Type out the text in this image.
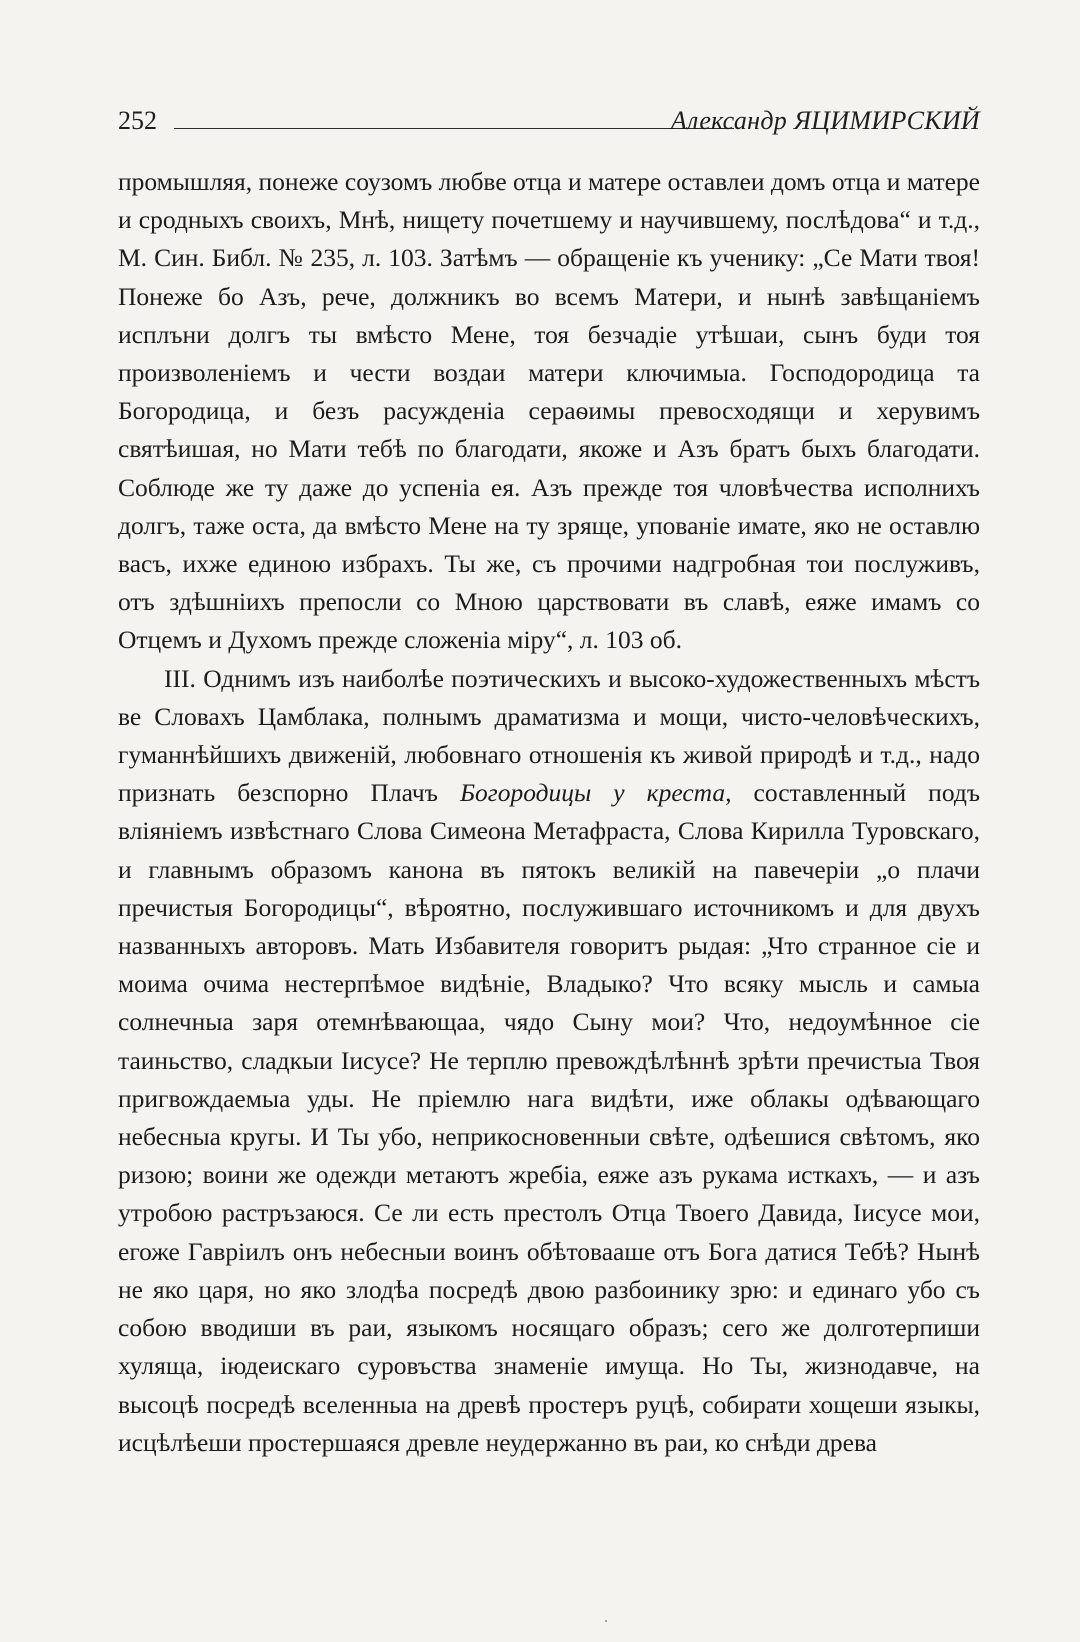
252	Александр ЯЦИМИРСКИЙ

промышляя, понеже соузомъ любве отца и матере оставлеи домъ отца и матере и сродныхъ своихъ, Мнѣ, нищету почетшему и научившему, послѣдова“ и т.д., М. Син. Библ. № 235, л. 103. Затѣмъ — обращеніе къ ученику: „Се Мати твоя! Понеже бо Азъ, рече, должникъ во всемъ Матери, и нынѣ завѣщаніемъ исплъни долгъ ты вмѣсто Мене, тоя безчадіе утѣшаи, сынъ буди тоя произволеніемъ и чести воздаи матери ключимыа. Господородица та Богородица, и безъ расужденіа сераѳимы превосходящи и херувимъ святѣишая, но Мати тебѣ по благодати, якоже и Азъ братъ быхъ благодати. Соблюде же ту даже до успеніа ея. Азъ прежде тоя чловѣчества исполнихъ долгъ, таже оста, да вмѣсто Мене на ту зряще, упованіе имате, яко не оставлю васъ, ихже единою избрахъ. Ты же, съ прочими надгробная тои послуживъ, отъ здѣшніихъ препосли со Мною царствовати въ славѣ, еяже имамъ со Отцемъ и Духомъ прежде сложеніа міру“, л. 103 об.

III. Однимъ изъ наиболѣе поэтическихъ и высоко-художественныхъ мѣстъ ве Словахъ Цамблака, полнымъ драматизма и мощи, чисто-человѣческихъ, гуманнѣйшихъ движеній, любовнаго отношенія къ живой природѣ и т.д., надо признать безспорно Плачъ Богородицы у креста, составленный подъ вліяніемъ извѣстнаго Слова Симеона Метафраста, Слова Кирилла Туровскаго, и главнымъ образомъ канона въ пятокъ великій на павечеріи „о плачи пречистыя Богородицы“, вѣроятно, послужившаго источникомъ и для двухъ названныхъ авторовъ. Мать Избавителя говоритъ рыдая: „Что странное сіе и моима очима нестерпѣмое видѣніе, Владыко? Что всяку мысль и самыа солнечныа заря отемнѣвающаа, чядо Сыну мои? Что, недоумѣнное сіе таиньство, сладкыи Іисусе? Не терплю превождѣлѣннѣ зрѣти пречистыа Твоя пригвождаемыа уды. Не пріемлю нага видѣти, иже облакы одѣвающаго небесныа кругы. И Ты убо, неприкосновенныи свѣте, одѣешися свѣтомъ, яко ризою; воини же одежди метаютъ жребіа, еяже азъ рукама исткахъ, — и азъ утробою растръзаюся. Се ли есть престолъ Отца Твоего Давида, Іисусе мои, егоже Гавріилъ онъ небесныи воинъ обѣтовааше отъ Бога датися Тебѣ? Нынѣ не яко царя, но яко злодѣа посредѣ двою разбоинику зрю: и единаго убо съ собою вводиши въ раи, языкомъ носящаго образъ; сего же долготерпиши хуляща, іюдеискаго суровъства знаменіе имуща. Но Ты, жизнодавче, на высоцѣ посредѣ вселенныа на древѣ простеръ руцѣ, собирати хощеши языкы, исцѣлѣеши простершаяся древле неудержанно въ раи, ко снѣди древа
